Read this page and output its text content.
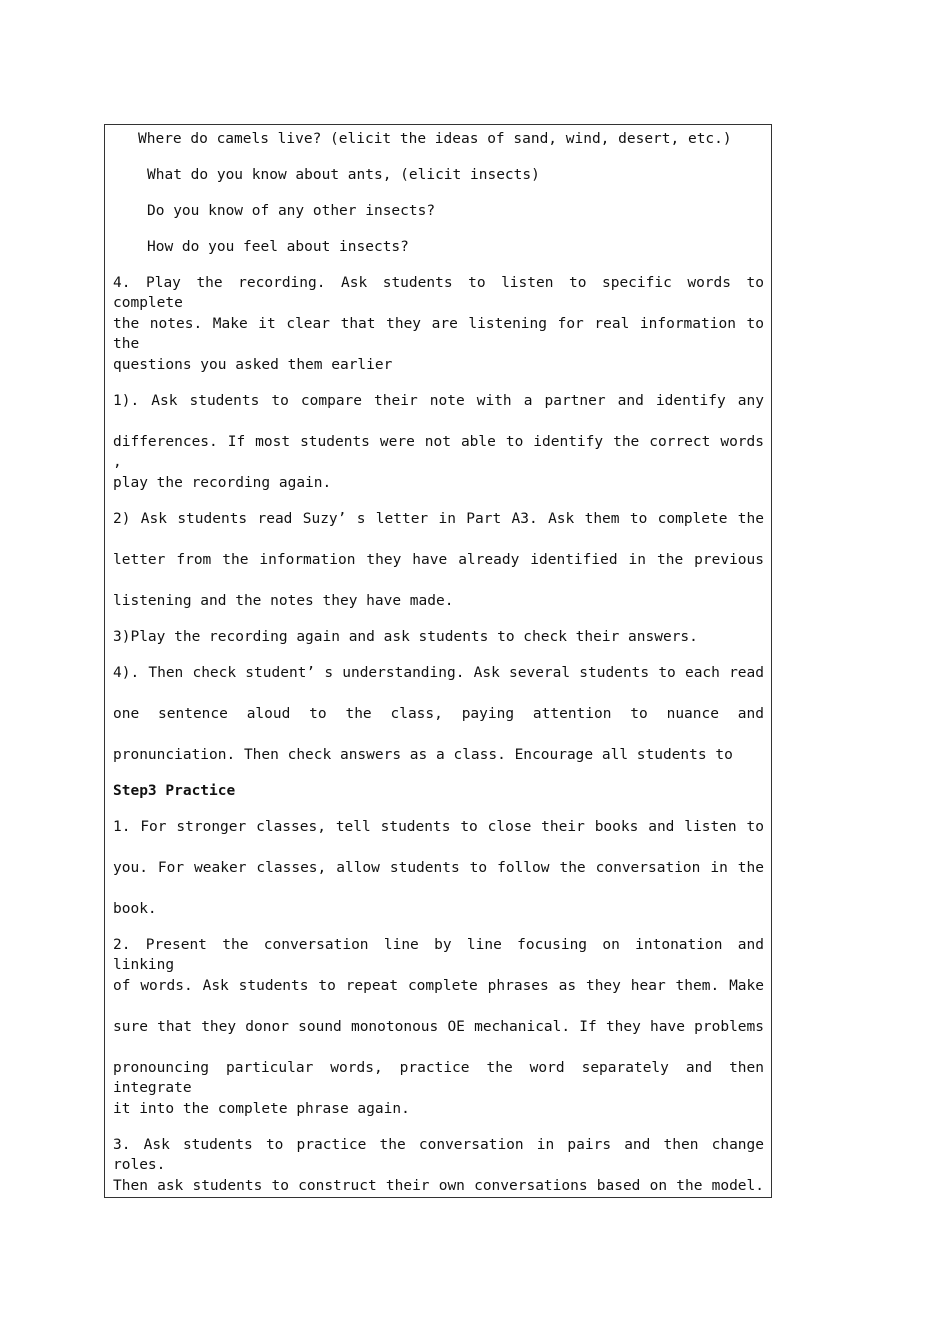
Where do camels live? (elicit the ideas of sand, wind, desert, etc.)
What do you know about ants, (elicit insects)
Do you know of any other insects?
How do you feel about insects?
4. Play the recording. Ask students to listen to specific words to complete
the notes. Make it clear that they are listening for real information to the
questions you asked them earlier
1). Ask students to compare their note with a partner and identify any
differences. If most students were not able to identify the correct words ,
play the recording again.
2) Ask students read Suzy’ s letter in Part A3. Ask them to complete the
letter from the information they have already identified in the previous
listening and the notes they have made.
3)Play the recording again and ask students to check their answers.
4). Then check student’ s understanding. Ask several students to each read
one sentence aloud to the class, paying attention to nuance and
pronunciation. Then check answers as a class. Encourage all students to
Step3 Practice
1. For stronger classes, tell students to close their books and listen to
you. For weaker classes, allow students to follow the conversation in the
book.
2. Present the conversation line by line focusing on intonation and linking
of words. Ask students to repeat complete phrases as they hear them. Make
sure that they donor sound monotonous OE mechanical. If they have problems
pronouncing particular words, practice the word separately and then integrate
it into the complete phrase again.
3. Ask students to practice the conversation in pairs and then change roles.
Then ask students to construct their own conversations based on the model.
